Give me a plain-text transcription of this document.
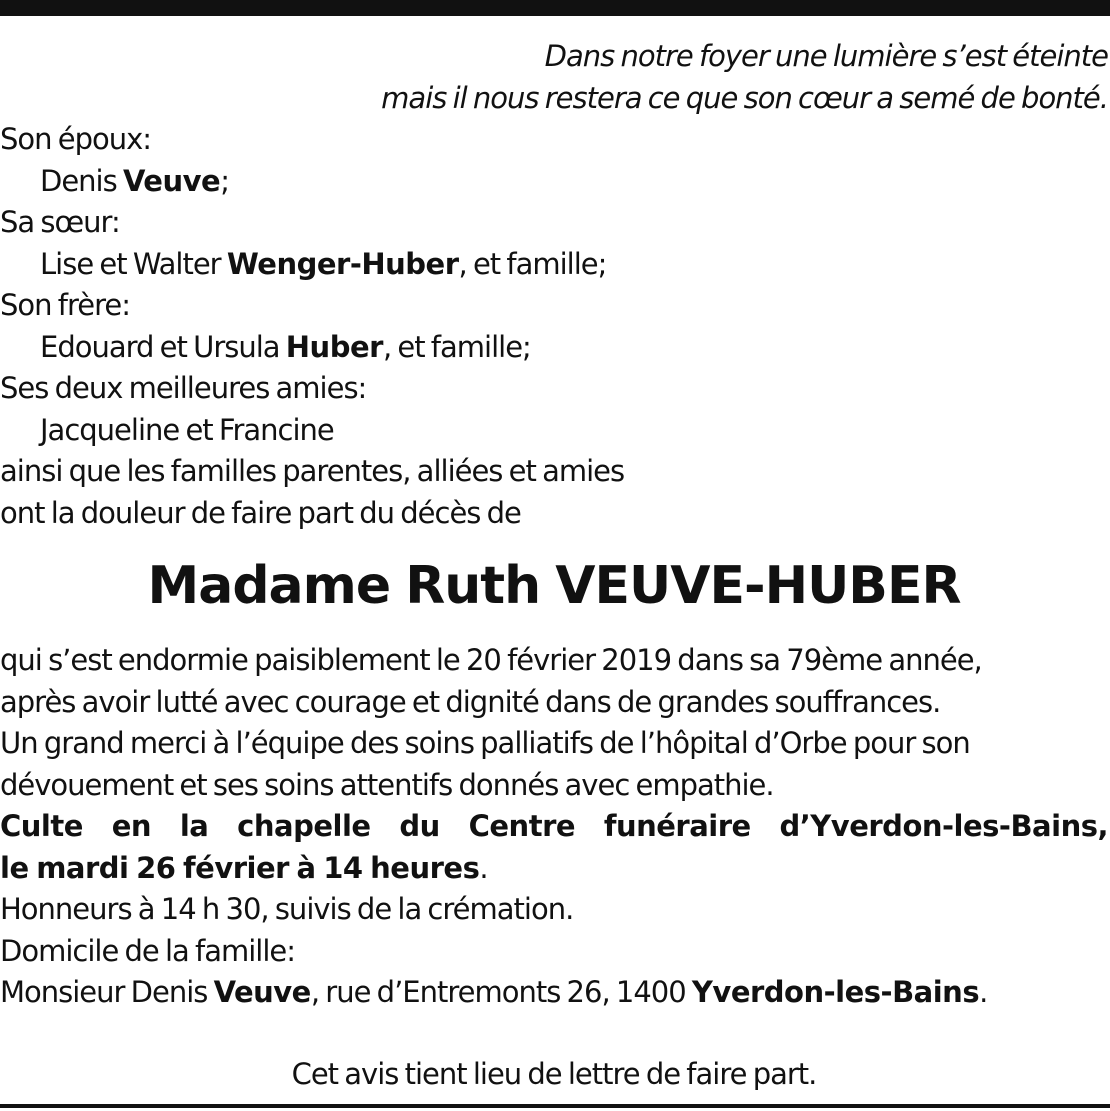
Dans notre foyer une lumière s’est éteinte
mais il nous restera ce que son cœur a semé de bonté.

Son époux:
Denis Veuve;
Sa sœur:
Lise et Walter Wenger-Huber, et famille;
Son frère:
Edouard et Ursula Huber, et famille;
Ses deux meilleures amies:
Jacqueline et Francine
ainsi que les familles parentes, alliées et amies
ont la douleur de faire part du décès de
Madame Ruth VEUVE-HUBER
qui s’est endormie paisiblement le 20 février 2019 dans sa 79ème année,
après avoir lutté avec courage et dignité dans de grandes souffrances.
Un grand merci à l’équipe des soins palliatifs de l’hôpital d’Orbe pour son
dévouement et ses soins attentifs donnés avec empathie.
Culte en la chapelle du Centre funéraire d’Yverdon-les-Bains,
le mardi 26 février à 14 heures.
Honneurs à 14 h 30, suivis de la crémation.
Domicile de la famille:
Monsieur Denis Veuve, rue d’Entremonts 26, 1400 Yverdon-les-Bains.
Cet avis tient lieu de lettre de faire part.
